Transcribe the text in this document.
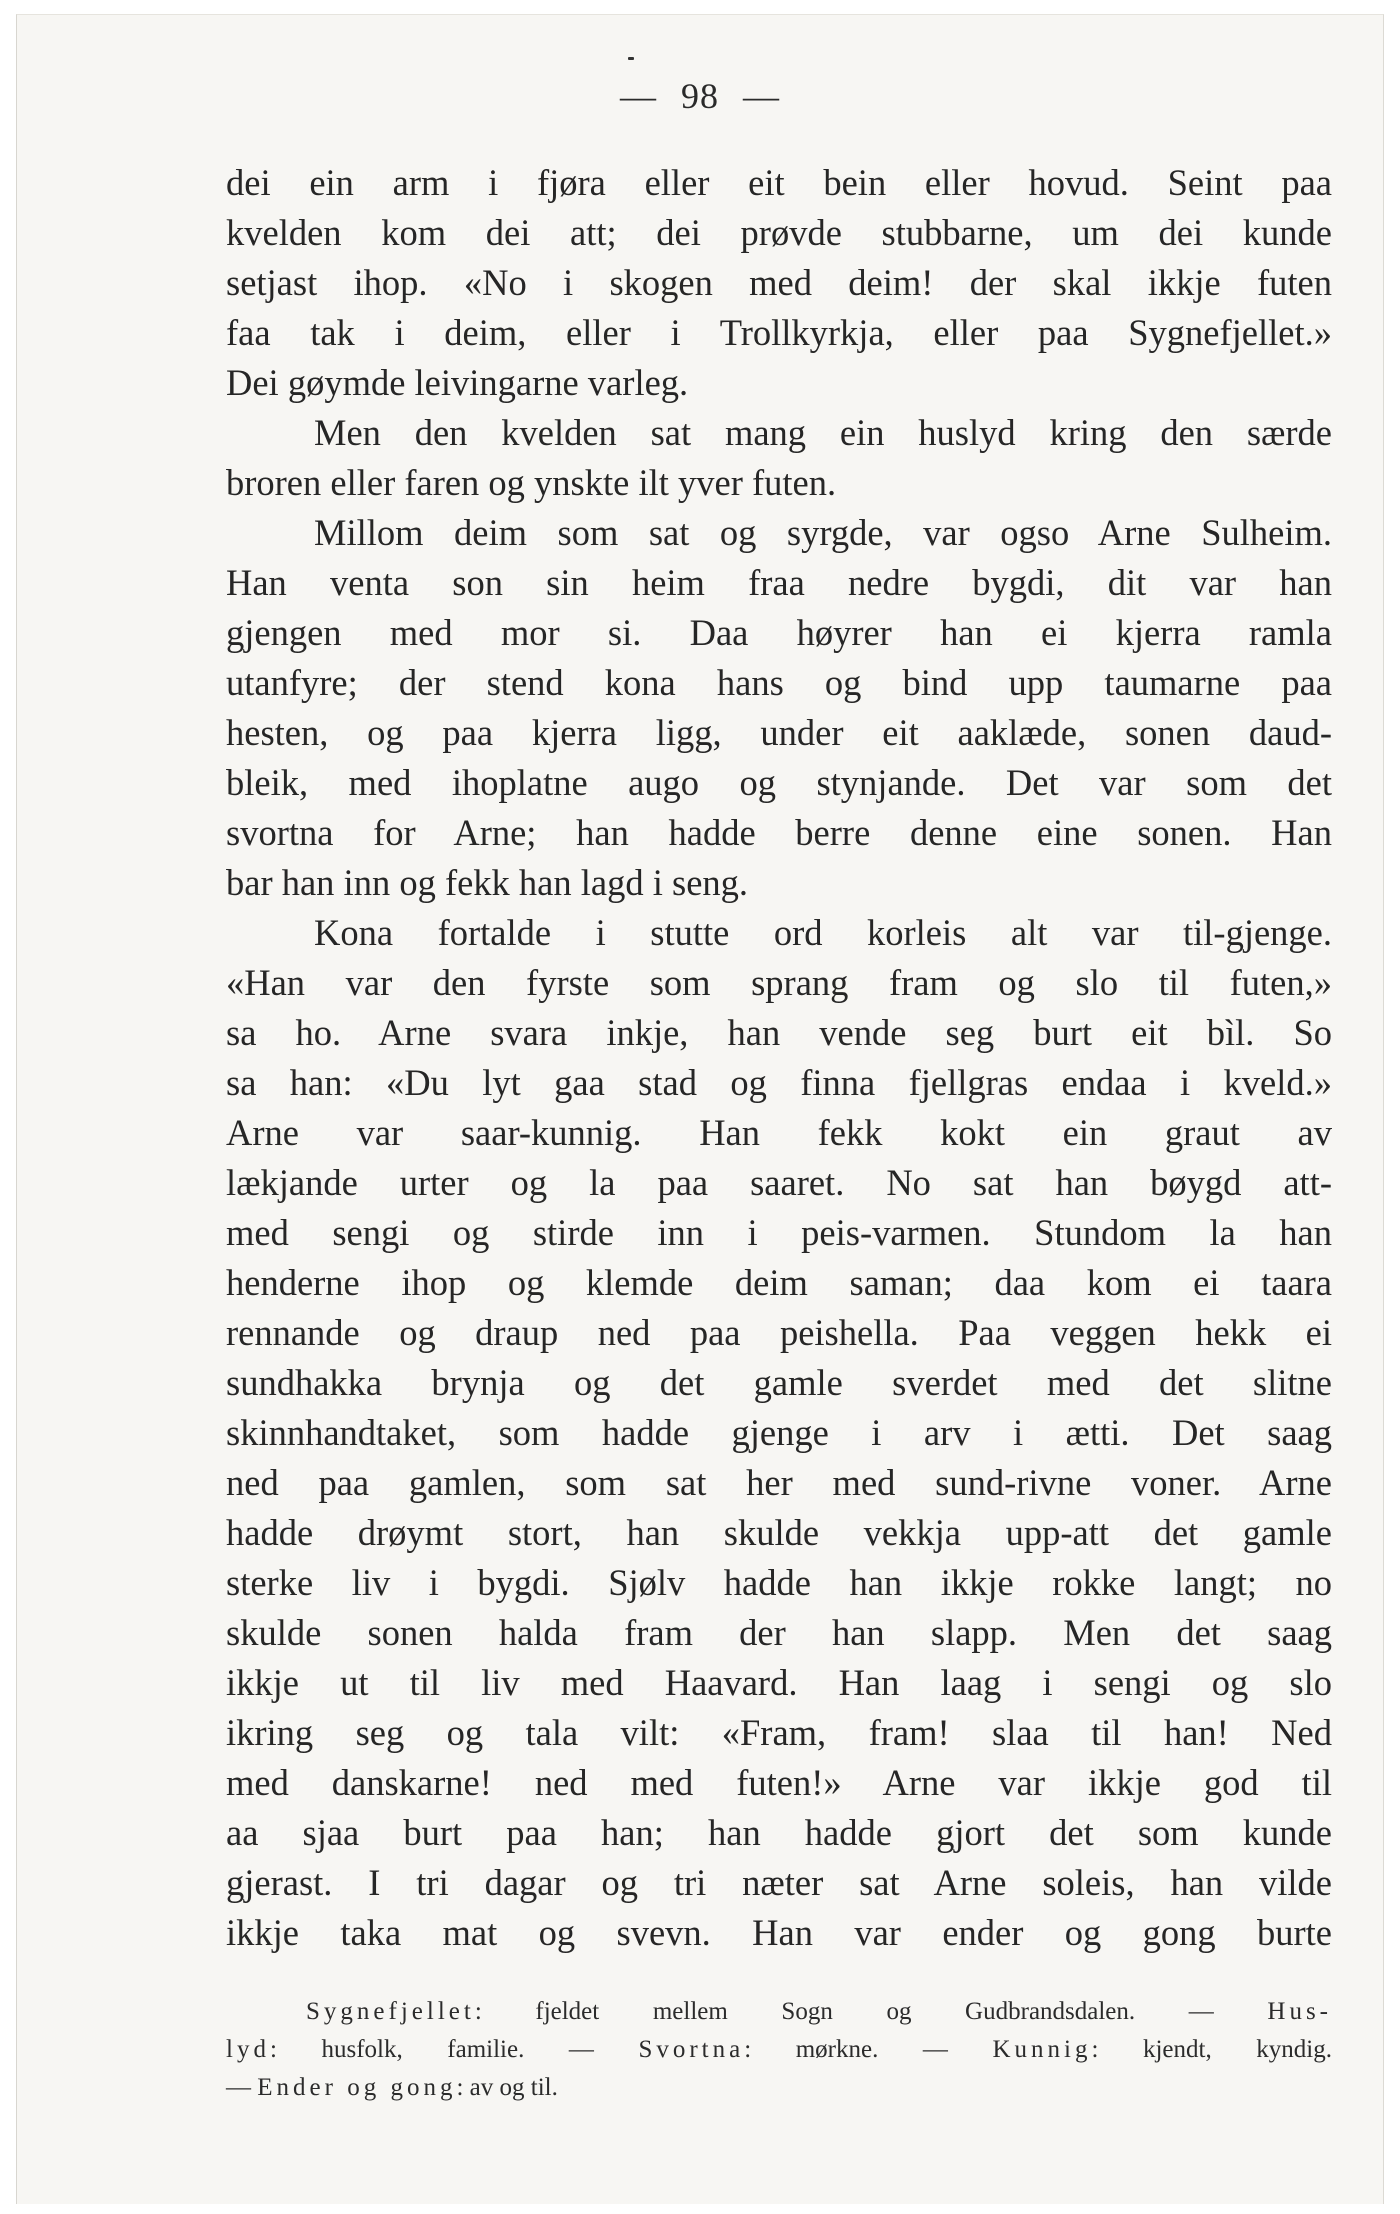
— 98 —
dei ein arm i fjøra eller eit bein eller hovud. Seint paa
kvelden kom dei att; dei prøvde stubbarne, um dei kunde
setjast ihop. «No i skogen med deim! der skal ikkje futen
faa tak i deim, eller i Trollkyrkja, eller paa Sygnefjellet.»
Dei gøymde leivingarne varleg.
Men den kvelden sat mang ein huslyd kring den særde
broren eller faren og ynskte ilt yver futen.
Millom deim som sat og syrgde, var ogso Arne Sulheim.
Han venta son sin heim fraa nedre bygdi, dit var han
gjengen med mor si. Daa høyrer han ei kjerra ramla
utanfyre; der stend kona hans og bind upp taumarne paa
hesten, og paa kjerra ligg, under eit aaklæde, sonen daud-
bleik, med ihoplatne augo og stynjande. Det var som det
svortna for Arne; han hadde berre denne eine sonen. Han
bar han inn og fekk han lagd i seng.
Kona fortalde i stutte ord korleis alt var til-gjenge.
«Han var den fyrste som sprang fram og slo til futen,»
sa ho. Arne svara inkje, han vende seg burt eit bìl. So
sa han: «Du lyt gaa stad og finna fjellgras endaa i kveld.»
Arne var saar-kunnig. Han fekk kokt ein graut av
lækjande urter og la paa saaret. No sat han bøygd att-
med sengi og stirde inn i peis-varmen. Stundom la han
henderne ihop og klemde deim saman; daa kom ei taara
rennande og draup ned paa peishella. Paa veggen hekk ei
sundhakka brynja og det gamle sverdet med det slitne
skinnhandtaket, som hadde gjenge i arv i ætti. Det saag
ned paa gamlen, som sat her med sund-rivne voner. Arne
hadde drøymt stort, han skulde vekkja upp-att det gamle
sterke liv i bygdi. Sjølv hadde han ikkje rokke langt; no
skulde sonen halda fram der han slapp. Men det saag
ikkje ut til liv med Haavard. Han laag i sengi og slo
ikring seg og tala vilt: «Fram, fram! slaa til han! Ned
med danskarne! ned med futen!» Arne var ikkje god til
aa sjaa burt paa han; han hadde gjort det som kunde
gjerast. I tri dagar og tri næter sat Arne soleis, han vilde
ikkje taka mat og svevn. Han var ender og gong burte
Sygnefjellet: fjeldet mellem Sogn og Gudbrandsdalen. — Hus-
lyd: husfolk, familie. — Svortna: mørkne. — Kunnig: kjendt, kyndig.
— Ender og gong: av og til.
